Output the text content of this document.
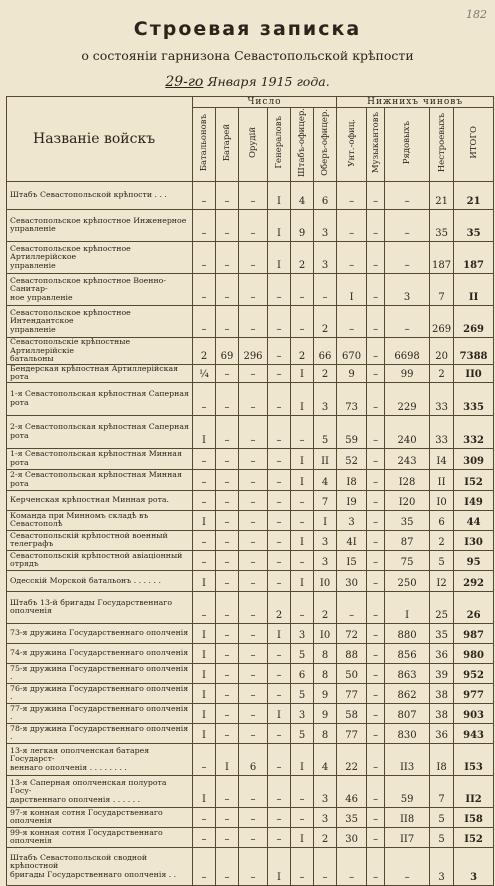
182
Строевая записка
о состояніи гарнизона Севастопольской крѣпости
29-го Января 1915 года.
Названіе войскъ	Число						Нижнихъ чиновъ				
	Батальоновъ	Батарей	Орудій	Генераловъ	Штабъ-офицер.	Оберъ-офицер.	Унт.-офиц.	Музыкантовъ	Рядовыхъ	Нестроевыхъ	ИТОГО

Штабъ Севастопольской крѣпости . . .	–	–	–	I	4	6	–	–	–	21	21

Севастопольское крѣпостное Инженерное
управленіе	–	–	–	I	9	3	–	–	–	35	35

Севастопольское крѣпостное Артиллерійское
управленіе	–	–	–	I	2	3	–	–	–	187	187

Севастопольское крѣпостное Военно-Санитар-
ное управленіе	–	–	–	–	–	–	I	–	3	7	II

Севастопольское крѣпостное Интендантское
управленіе	–	–	–	–	–	2	–	–	–	269	269

Севастопольскіе крѣпостные Артиллерійскіе
батальоны	2	69	296	–	2	66	670	–	6698	20	7388

Бендерская крѣпостная Артиллерійская рота	¼	–	–	–	I	2	9	–	99	2	II0

1-я Севастопольская крѣпостная Саперная
рота	–	–	–	–	I	3	73	–	229	33	335

2-я Севастопольская крѣпостная Саперная
рота	I	–	–	–	–	5	59	–	240	33	332

1-я Севастопольская крѣпостная Минная рота	–	–	–	–	I	II	52	–	243	I4	309

2-я Севастопольская крѣпостная Минная рота	–	–	–	–	I	4	I8	–	I28	II	I52

Керченская крѣпостная Минная рота.	–	–	–	–	–	7	I9	–	I20	I0	I49

Команда при Минномъ складѣ въ Севастополѣ	I	–	–	–	–	I	3	–	35	6	44

Севастопольскій крѣпостной военный телеграфъ	–	–	–	–	I	3	4I	–	87	2	I30

Севастопольскій крѣпостной авіаціонный отрядъ	–	–	–	–	–	3	I5	–	75	5	95

Одесскій Морской батальонъ . . . . . .	I	–	–	–	I	I0	30	–	250	I2	292

Штабъ 13-й бригады Государственнаго
ополченія	–	–	–	2	–	2	–	–	I	25	26

73-я дружина Государственнаго ополченія	I	–	–	I	3	I0	72	–	880	35	987

74-я дружина Государственнаго ополченія	I	–	–	–	5	8	88	–	856	36	980

75-я дружина Государственнаго ополченія .	I	–	–	–	6	8	50	–	863	39	952

76-я дружина Государственнаго ополченія .	I	–	–	–	5	9	77	–	862	38	977

77-я дружина Государственнаго ополченія .	I	–	–	I	3	9	58	–	807	38	903

78-я дружина Государственнаго ополченія .	I	–	–	–	5	8	77	–	830	36	943

13-я легкая ополченская батарея Государст-
веннаго ополченія . . . . . . . .	–	I	6	–	I	4	22	–	II3	I8	I53

13-я Саперная ополченская полурота Госу-
дарственнаго ополченія . . . . . .	I	–	–	–	–	3	46	–	59	7	II2

97-я конная сотня Государственнаго ополченія	–	–	–	–	–	3	35	–	II8	5	I58

99-я конная сотня Государственнаго ополченія	–	–	–	–	I	2	30	–	II7	5	I52

Штабъ Севастопольской сводной крѣпостной
бригады Государственнаго ополченія . .	–	–	–	I	–	–	–	–	–	3	3
